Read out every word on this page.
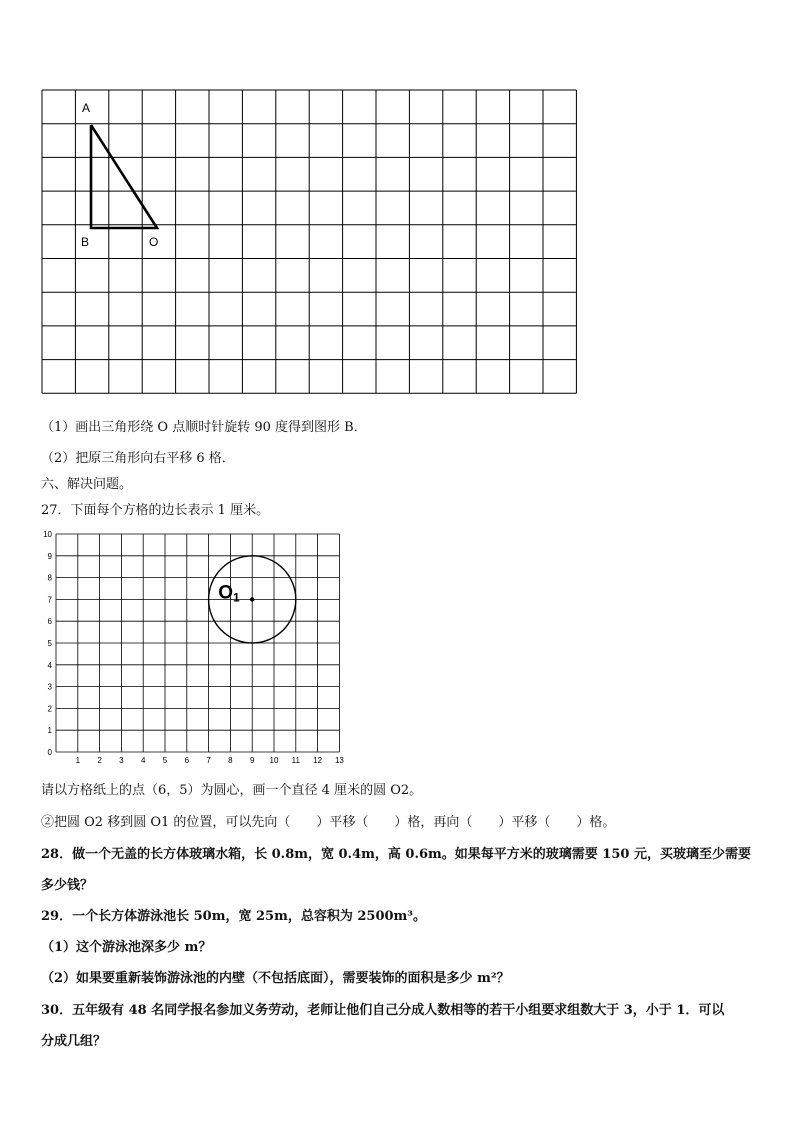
A
B	O
（1）画出三角形绕 O 点顺时针旋转 90 度得到图形 B．
（2）把原三角形向右平移 6 格．
六、解决问题。
27．下面每个方格的边长表示 1 厘米。
1 2 3 4 5 6 7 8 9 10 11 12 13
0
1
2
3
4
5
6
7
8
9
10
O1
请以方格纸上的点（6，5）为圆心，画一个直径 4 厘米的圆 O2。
②把圆 O2 移到圆 O1 的位置，可以先向（　　）平移（　　）格，再向（　　）平移（　　）格。
28．做一个无盖的长方体玻璃水箱，长 0.8m，宽 0.4m，高 0.6m。如果每平方米的玻璃需要 150 元，买玻璃至少需要
多少钱？
29．一个长方体游泳池长 50m，宽 25m，总容积为 2500m³。
（1）这个游泳池深多少 m？
（2）如果要重新装饰游泳池的内壁（不包括底面），需要装饰的面积是多少 m²？
30．五年级有 48 名同学报名参加义务劳动，老师让他们自己分成人数相等的若干小组要求组数大于 3，小于 1．可以
分成几组？
